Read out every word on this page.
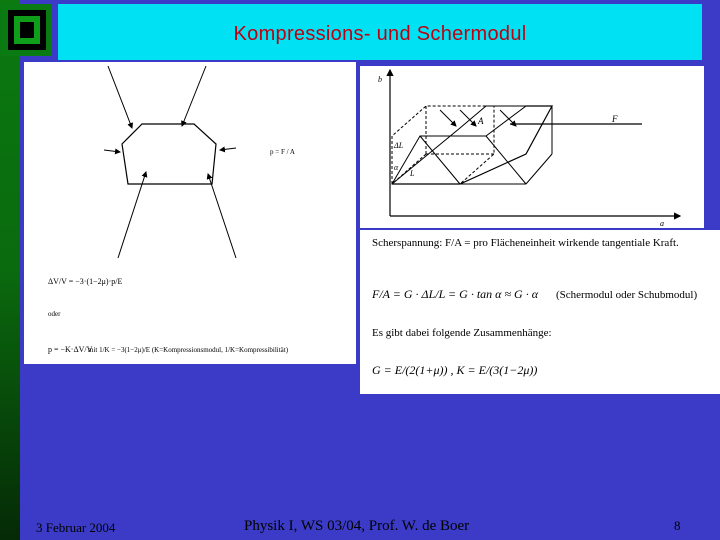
Kompressions- und Schermodul
p = F / A
ΔV/V = −3·(1−2μ)·p/E
oder
p = −K·ΔV/V
mit 1/K = −3(1−2μ)/E (K=Kompressionsmodul, 1/K=Kompressibilität)
b
a
A	F
ΔL
α
L
Scherspannung: F/A = pro Flächeneinheit wirkende tangentiale Kraft.
F/A = G · ΔL/L = G · tan α ≈ G · α (Schermodul oder Schubmodul)
Es gibt dabei folgende Zusammenhänge:
G = E/(2(1+μ)) , K = E/(3(1−2μ))
3 Februar 2004	Physik I, WS 03/04, Prof. W. de Boer	8
